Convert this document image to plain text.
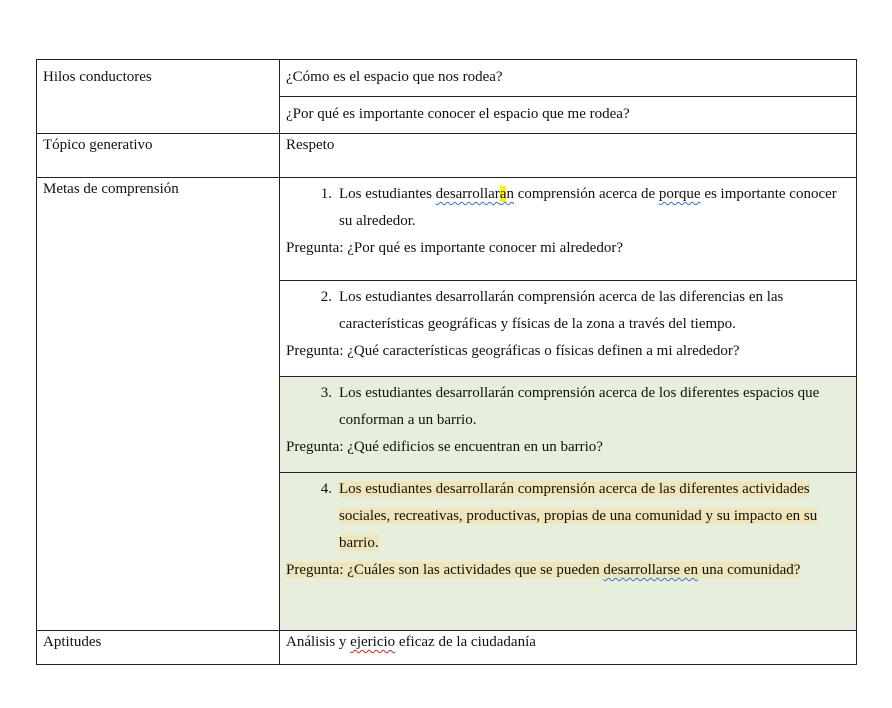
Hilos conductores	¿Cómo es el espacio que nos rodea?
	¿Por qué es importante conocer el espacio que me rodea?
Tópico generativo	Respeto
Metas de comprensión	1. Los estudiantes desarrollaran comprensión acerca de porque es importante conocer su alrededor.
Pregunta: ¿Por qué es importante conocer mi alrededor?

	2. Los estudiantes desarrollarán comprensión acerca de las diferencias en las características geográficas y físicas de la zona a través del tiempo.
Pregunta: ¿Qué características geográficas o físicas definen a mi alrededor?

	3. Los estudiantes desarrollarán comprensión acerca de los diferentes espacios que conforman a un barrio.
Pregunta: ¿Qué edificios se encuentran en un barrio?

	4. Los estudiantes desarrollarán comprensión acerca de las diferentes actividades sociales, recreativas, productivas, propias de una comunidad y su impacto en su barrio.
Pregunta: ¿Cuáles son las actividades que se pueden desarrollarse en una comunidad?

Aptitudes	Análisis y ejericio eficaz de la ciudadanía
